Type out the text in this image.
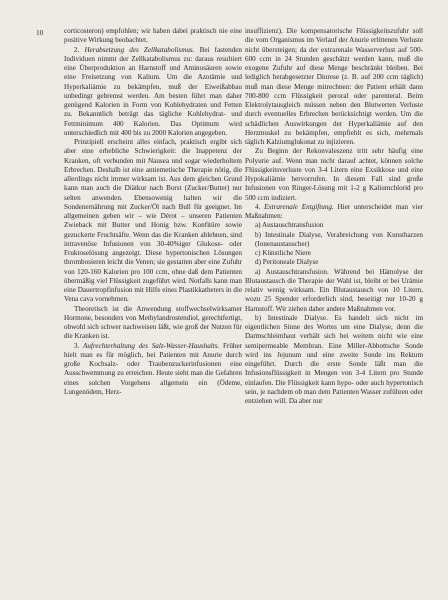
10	corticosteron) empfohlen; wir haben dabei praktisch nie eine positive Wirkung beobachtet.

2. Herabsetzung des Zellkatabolismus. Bei fastenden Individuen nimmt der Zellkatabolismus zu: daraus resultiert eine Überproduktion an Harnstoff und Aminosäuren sowie eine Freisetzung von Kalium. Um die Azotämie und Hyperkaliämie zu bekämpfen, muß der Eiweißabbau unbedingt gebremst werden. Am besten führt man daher genügend Kalorien in Form von Kohlehydraten und Fetten zu. Bekanntlich beträgt das tägliche Kohlehydrat- und Fettminimum 400 Kalorien. Das Optimum wird unterschiedlich mit 400 bis zu 2000 Kalorien angegeben.

Prinzipiell erscheint alles einfach, praktisch ergibt sich aber eine erhebliche Schwierigkeit: die Inappetenz der Kranken, oft verbunden mit Nausea und sogar wiederholtem Erbrechen. Deshalb ist eine antiemetische Therapie nötig, die allerdings nicht immer wirksam ist. Aus dem gleichen Grund kann man auch die Diätkur nach Borst (Zucker/Butter) nur selten anwenden. Ebensowenig halten wir die Sondenernährung mit Zucker/Öl nach Bull für geeignet. Im allgemeinen geben wir – wie Dérot – unseren Patienten Zwieback mit Butter und Honig bzw. Konfitüre sowie gezuckerte Fruchtsäfte. Wenn das die Kranken ablehnen, sind intravenöse Infusionen von 30-40%iger Glukose- oder Fruktoselösung angezeigt. Diese hypertonischen Lösungen thrombosieren leicht die Venen; sie gestatten aber eine Zufuhr von 120-160 Kalorien pro 100 ccm, ohne daß dem Patienten übermäßig viel Flüssigkeit zugeführt wird. Notfalls kann man eine Dauertropfinfusion mit Hilfe eines Plastikkatheters in die Vena cava vornehmen.

Theoretisch ist die Anwendung stoffwechselwirksamer Hormone, besonders von Methylandrostendiol, gerechtfertigt, obwohl sich schwer nachweisen läßt, wie groß der Nutzen für die Kranken ist.

3. Aufrechterhaltung des Salz-Wasser-Haushalts. Früher hielt man es für möglich, bei Patienten mit Anurie durch große Kochsalz- oder Traubenzuckerinfusionen eine Ausschwemmung zu erreichen. Heute sieht man die Gefahren eines solchen Vorgehens allgemein ein (Ödeme, Lungenödem, Herz-

insuffizienz). Die kompensatorische Flüssigkeitszufuhr soll die vom Organismus im Verlauf der Anurie erlittenen Verluste nicht übersteigen; da der extrarenale Wasserverlust auf 500-600 ccm in 24 Stunden geschätzt werden kann, muß die exogene Zufuhr auf diese Menge beschränkt bleiben. Bei lediglich herabgesetzter Diurese (z. B. auf 200 ccm täglich) muß man diese Menge mitrechnen: der Patient erhält dann 700-800 ccm Flüssigkeit peroral oder parenteral. Beim Elektrolytausgleich müssen neben den Blutwerten Verluste durch eventuelles Erbrechen berücksichtigt werden. Um die schädlichen Auswirkungen der Hyperkaliämie auf den Herzmuskel zu bekämpfen, empfiehlt es sich, mehrmals täglich Kalziumglukonat zu injizieren.

Zu Beginn der Rekonvaleszenz tritt sehr häufig eine Polyurie auf. Wenn man nicht darauf achtet, können solche Flüssigkeitsverluste von 3-4 Litern eine Exsikkose und eine Hypokaliämie hervorrufen. In diesem Fall sind große Infusionen von Ringer-Lösung mit 1-2 g Kaliumchlorid pro 500 ccm indiziert.

4. Extrarenale Entgiftung. Hier unterscheidet man vier Maßnahmen:

a) Austauschtransfusion
b) Intestinale Dialyse, Verabreichung von Kunstharzen (Ionenaustauscher)
c) Künstliche Niere
d) Peritoneale Dialyse

a) Austauschtransfusion. Während bei Hämolyse der Blutaustausch die Therapie der Wahl ist, bleibt er bei Urämie relativ wenig wirksam. Ein Blutaustausch von 10 Litern, wozu 25 Spender erforderlich sind, beseitigt nur 10-20 g Harnstoff. Wir ziehen daher andere Maßnahmen vor.

b) Intestinale Dialyse. Es handelt sich nicht im eigentlichen Sinne des Wortes um eine Dialyse, denn die Darmschleimhaut verhält sich bei weitem nicht wie eine semipermeable Membran. Eine Miller-Abbottsche Sonde wird ins Jejunum und eine zweite Sonde ins Rektum eingeführt. Durch die erste Sonde läßt man die Infusionsflüssigkeit in Mengen von 3-4 Litern pro Stunde einlaufen. Die Flüssigkeit kann hypo- oder auch hypertonisch sein, je nachdem ob man dem Patienten Wasser zuführen oder entziehen will. Da aber nur
